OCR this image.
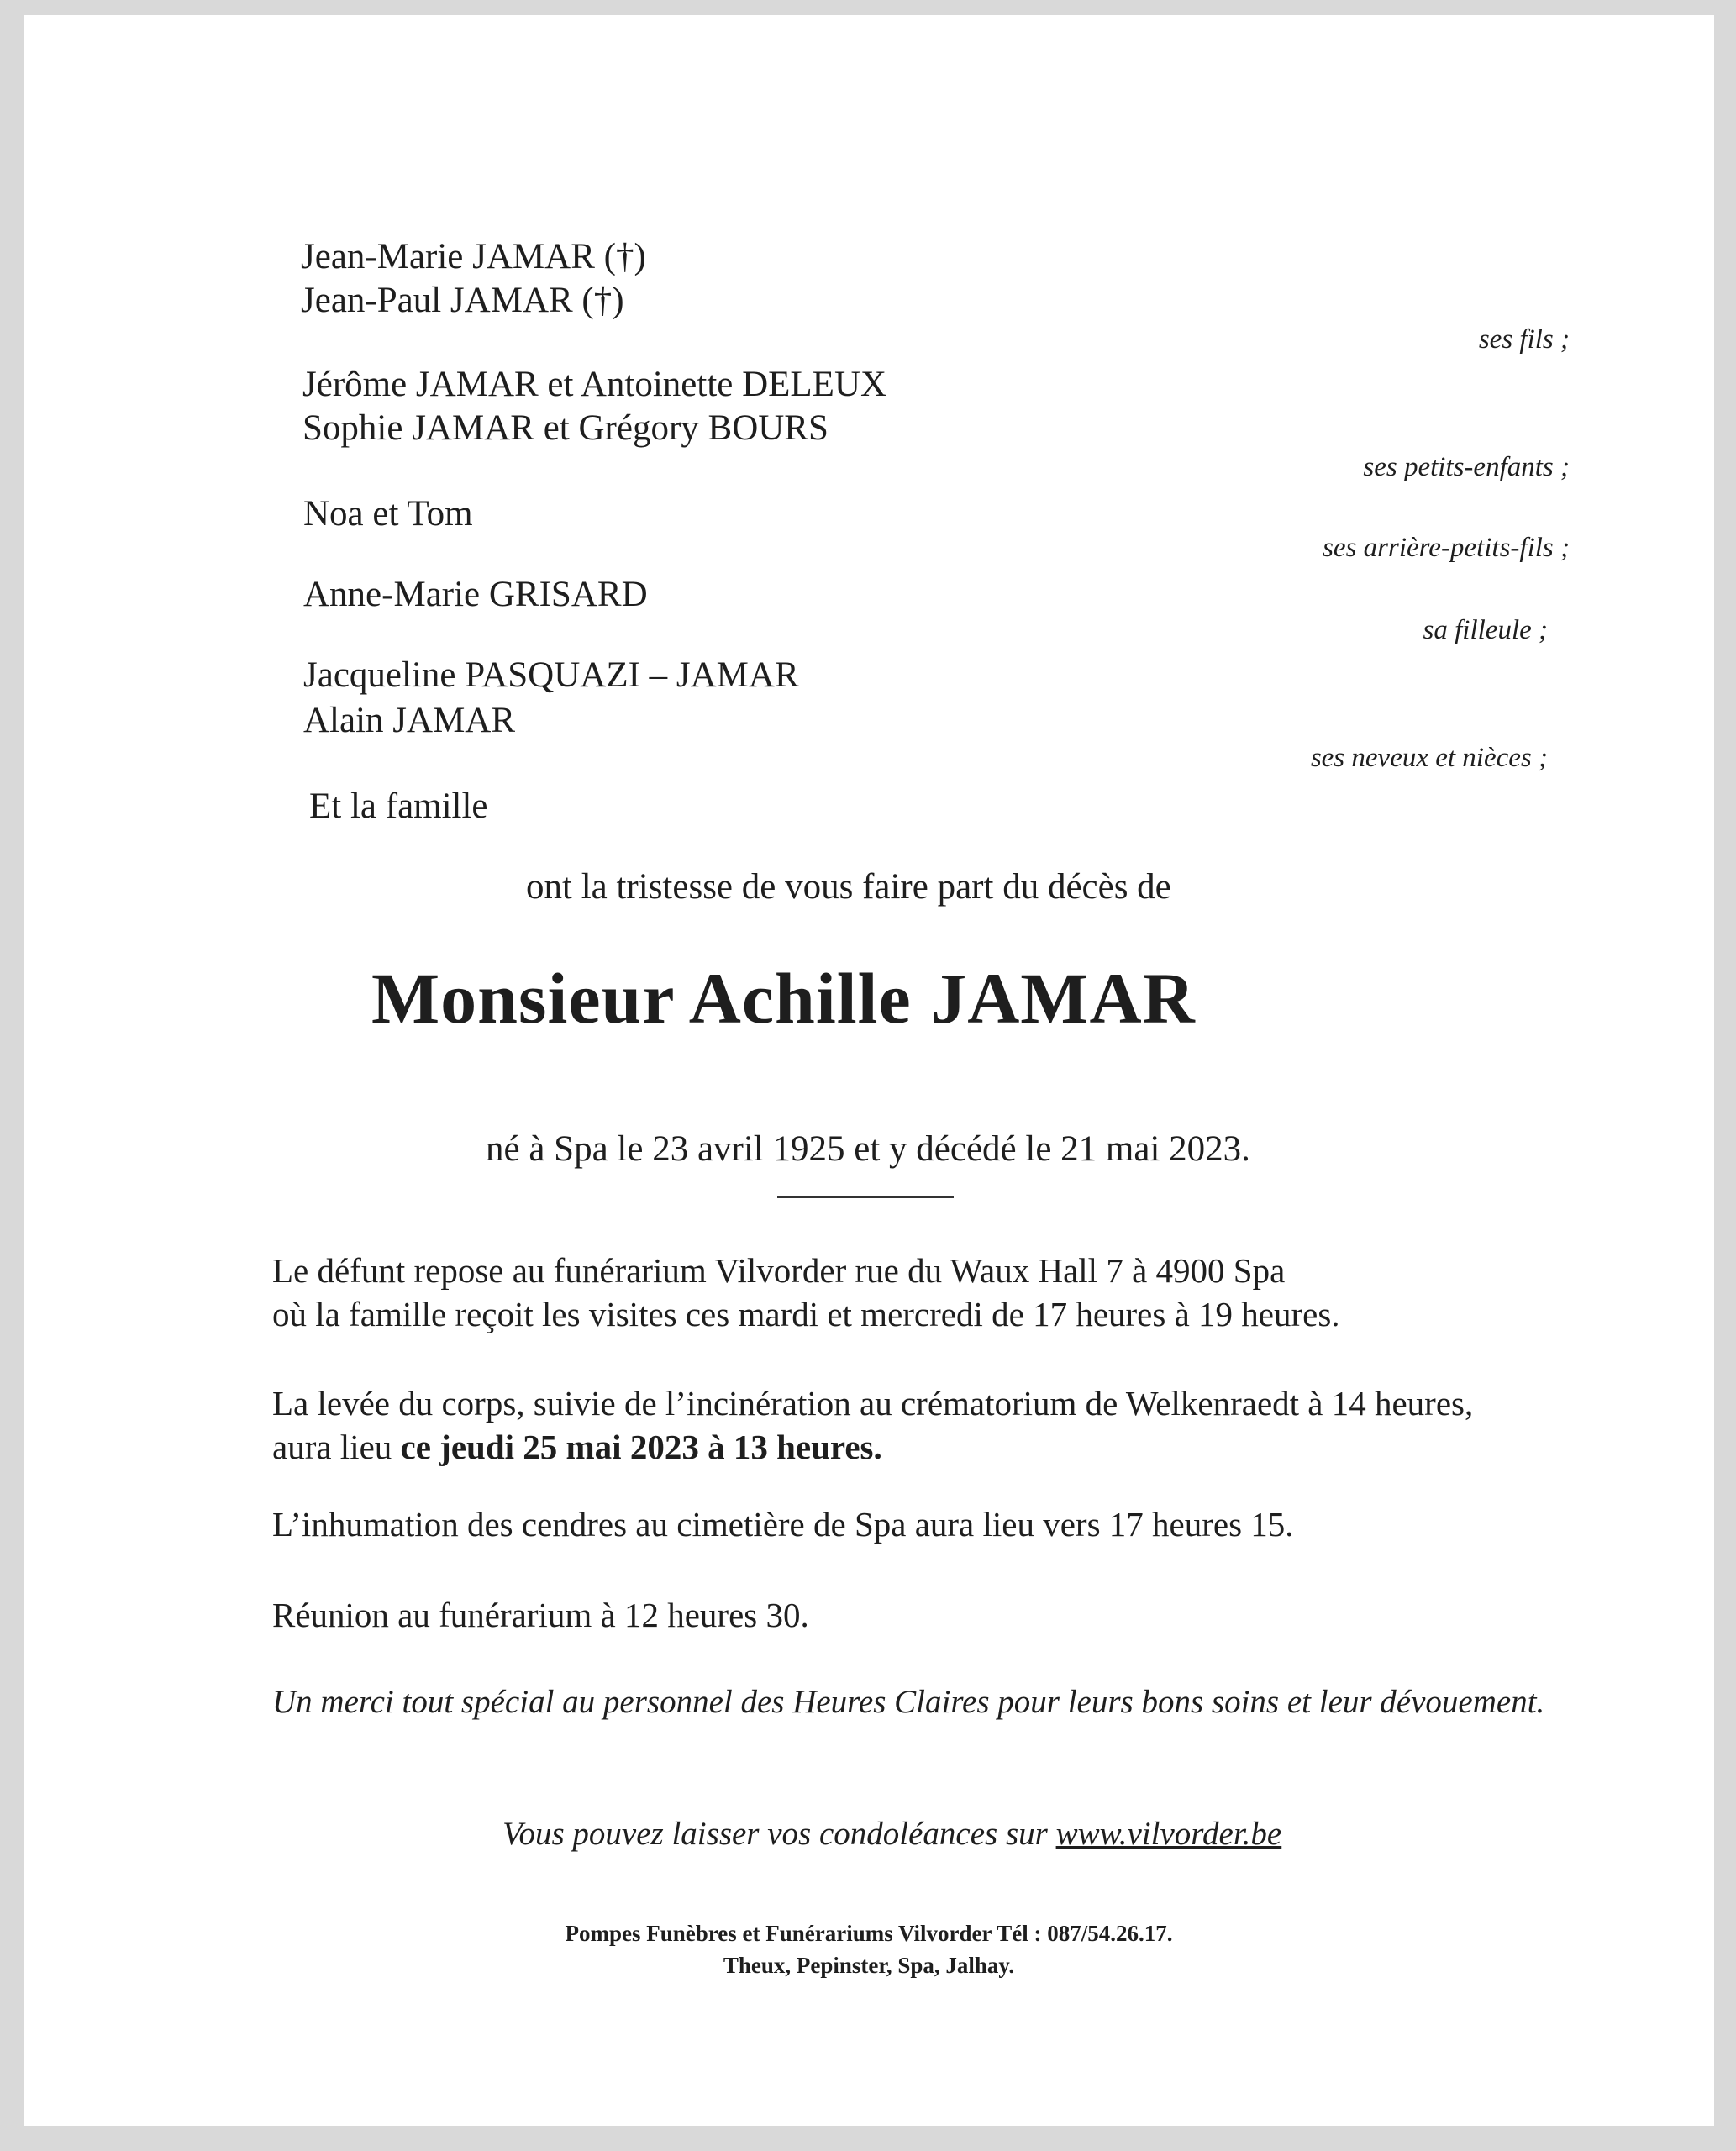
Jean-Marie JAMAR (†)
Jean-Paul JAMAR (†)
ses fils ;
Jérôme JAMAR et Antoinette DELEUX
Sophie JAMAR et Grégory BOURS
ses petits-enfants ;
Noa et Tom
ses arrière-petits-fils ;
Anne-Marie GRISARD
sa filleule ;
Jacqueline PASQUAZI – JAMAR
Alain JAMAR
ses neveux et nièces ;
Et la famille
ont la tristesse de vous faire part du décès de
Monsieur Achille JAMAR
né à Spa le 23 avril 1925 et y décédé le 21 mai 2023.
Le défunt repose au funérarium Vilvorder rue du Waux Hall 7 à 4900 Spa
où la famille reçoit les visites ces mardi et mercredi de 17 heures à 19 heures.
La levée du corps, suivie de l’incinération au crématorium de Welkenraedt à 14 heures,
aura lieu ce jeudi 25 mai 2023 à 13 heures.
L’inhumation des cendres au cimetière de Spa aura lieu vers 17 heures 15.
Réunion au funérarium à 12 heures 30.
Un merci tout spécial au personnel des Heures Claires pour leurs bons soins et leur dévouement.
Vous pouvez laisser vos condoléances sur www.vilvorder.be
Pompes Funèbres et Funérariums Vilvorder Tél : 087/54.26.17.
Theux, Pepinster, Spa, Jalhay.
